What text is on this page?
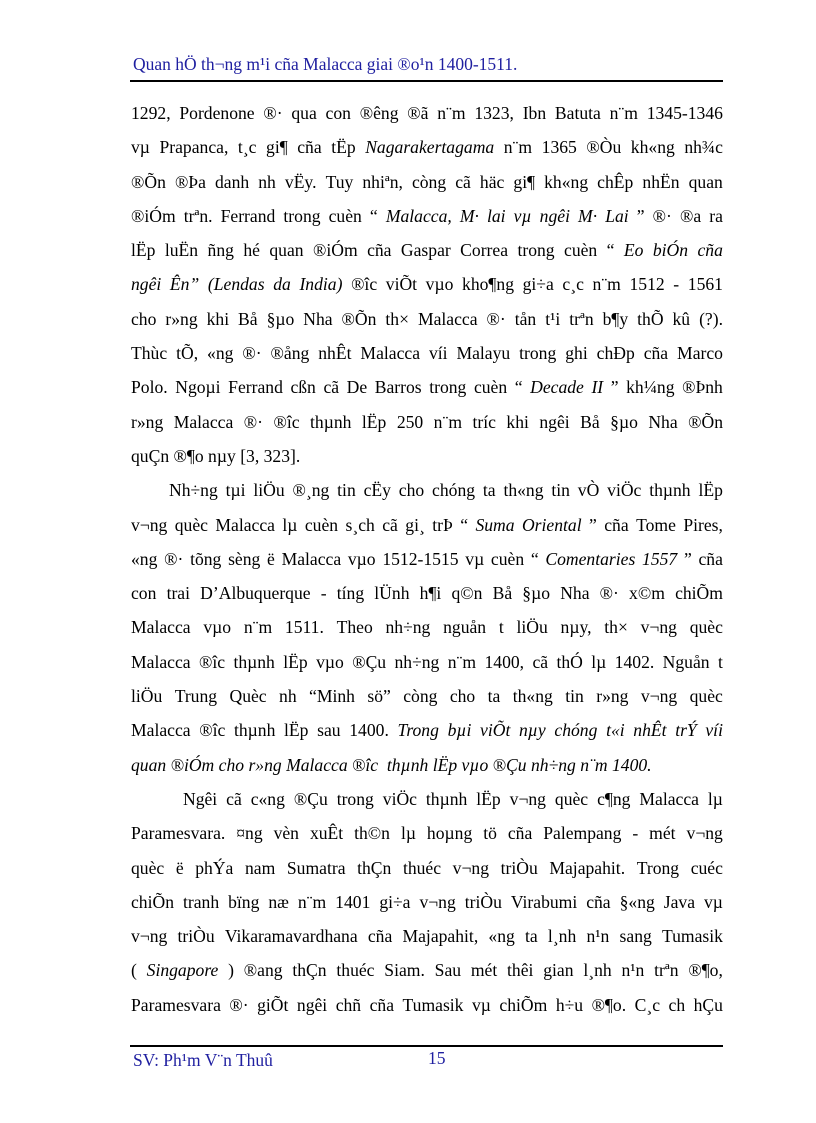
Quan hÖ th¬ng m¹i cña Malacca giai ®o¹n 1400-1511.
1292, Pordenone ®· qua con ®êng ®ã n¨m 1323, Ibn Batuta n¨m 1345-1346
vµ Prapanca, t¸c gi¶ cña tËp Nagarakertagama n¨m 1365 ®Òu kh«ng nh¾c
®Õn ®Þa danh nh vËy. Tuy nhiªn, còng cã häc gi¶ kh«ng chÊp nhËn quan
®iÓm trªn. Ferrand trong cuèn “ Malacca, M· lai vµ ngêi M· Lai ” ®· ®a ra
lËp luËn ñng hé quan ®iÓm cña Gaspar Correa trong cuèn “ Eo biÓn cña
ngêi Ên” (Lendas da India) ®îc viÕt vµo kho¶ng gi÷a c¸c n¨m 1512 - 1561
cho r»ng khi Bå §µo Nha ®Õn th× Malacca ®· tån t¹i trªn b¶y thÕ kû (?).
Thùc tÕ, «ng ®· ®ång nhÊt Malacca víi Malayu trong ghi chÐp cña Marco
Polo. Ngoµi Ferrand cßn cã De Barros trong cuèn “ Decade II ” kh¼ng ®Þnh
r»ng Malacca ®· ®îc thµnh lËp 250 n¨m tríc khi ngêi Bå §µo Nha ®Õn
quÇn ®¶o nµy [3, 323].
Nh÷ng tµi liÖu ®¸ng tin cËy cho chóng ta th«ng tin vÒ viÖc thµnh lËp
v¬ng quèc Malacca lµ cuèn s¸ch cã gi¸ trÞ “ Suma Oriental ” cña Tome Pires,
«ng ®· tõng sèng ë Malacca vµo 1512-1515 vµ cuèn “ Comentaries 1557 ” cña
con trai D’Albuquerque - tíng lÜnh h¶i q©n Bå §µo Nha ®· x©m chiÕm
Malacca vµo n¨m 1511. Theo nh÷ng nguån t liÖu nµy, th× v¬ng quèc
Malacca ®îc thµnh lËp vµo ®Çu nh÷ng n¨m 1400, cã thÓ lµ 1402. Nguån t
liÖu Trung Quèc nh “Minh sö” còng cho ta th«ng tin r»ng v¬ng quèc
Malacca ®îc thµnh lËp sau 1400. Trong bµi viÕt nµy chóng t«i nhÊt trÝ víi
quan ®iÓm cho r»ng Malacca ®îc  thµnh lËp vµo ®Çu nh÷ng n¨m 1400.
Ngêi cã c«ng ®Çu trong viÖc thµnh lËp v¬ng quèc c¶ng Malacca lµ
Paramesvara. ¤ng vèn xuÊt th©n lµ hoµng tö cña Palempang - mét v¬ng
quèc ë phÝa nam Sumatra thÇn thuéc v¬ng triÒu Majapahit. Trong cuéc
chiÕn tranh bïng næ n¨m 1401 gi÷a v¬ng triÒu Virabumi cña §«ng Java vµ
v¬ng triÒu Vikaramavardhana cña Majapahit, «ng ta l¸nh n¹n sang Tumasik
( Singapore ) ®ang thÇn thuéc Siam. Sau mét thêi gian l¸nh n¹n trªn ®¶o,
Paramesvara ®· giÕt ngêi chñ cña Tumasik vµ chiÕm h÷u ®¶o. C¸c ch hÇu
SV: Ph¹m V¨n Thuû	15
